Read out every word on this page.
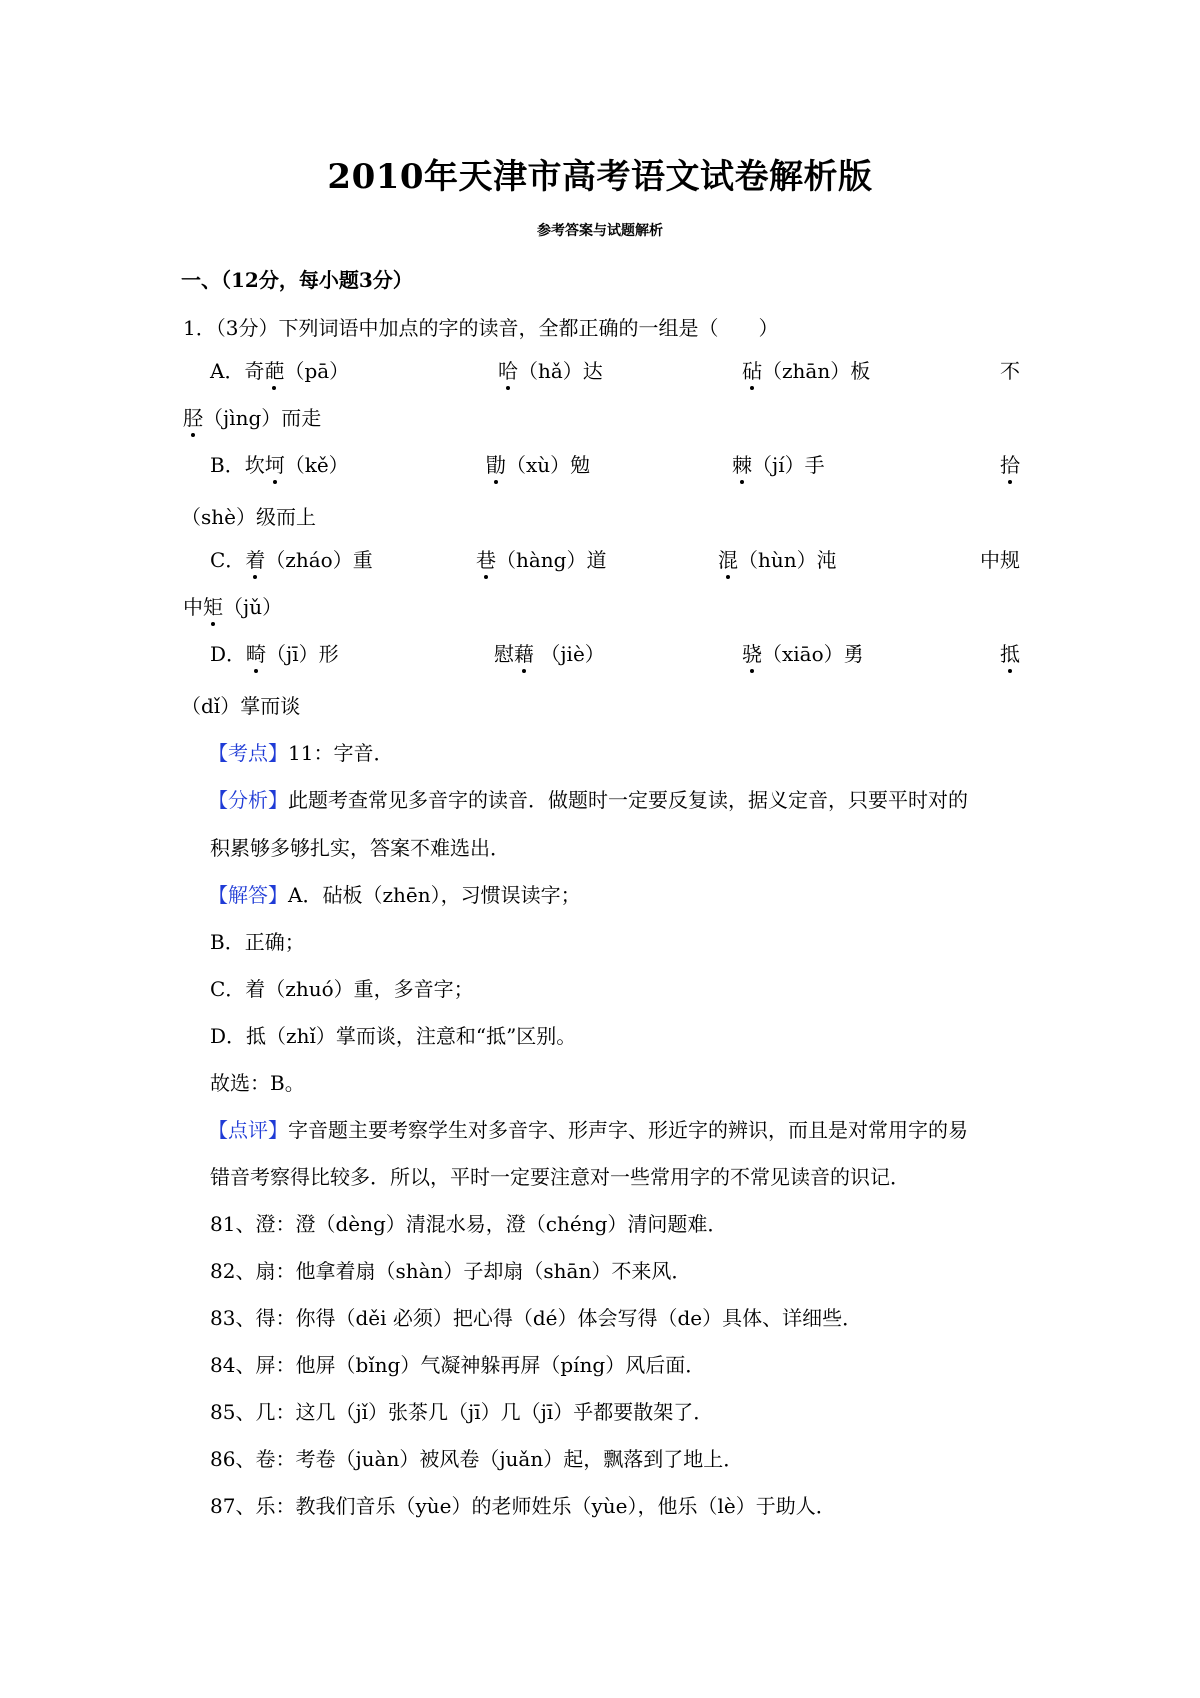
2010年天津市高考语文试卷解析版
参考答案与试题解析
一、（12分，每小题3分）
1．（3分）下列词语中加点的字的读音，全都正确的一组是（　　）
A．奇葩（pā）	哈（hǎ）达	砧（zhān）板	不
胫（jìng）而走
B．坎坷（kě）	勖（xù）勉	棘（jí）手	拾
（shè）级而上
C．着（zháo）重	巷（hàng）道	混（hùn）沌	中规
中矩（jǔ）
D．畸（jī）形	慰藉 （jiè）	骁（xiāo）勇	抵
（dǐ）掌而谈
【考点】11：字音．
【分析】此题考查常见多音字的读音．做题时一定要反复读，据义定音，只要平时对的
积累够多够扎实，答案不难选出．
【解答】A．砧板（zhēn），习惯误读字；
B．正确；
C．着（zhuó）重，多音字；
D．抵（zhǐ）掌而谈，注意和“抵”区别。
故选：B。
【点评】字音题主要考察学生对多音字、形声字、形近字的辨识，而且是对常用字的易
错音考察得比较多．所以，平时一定要注意对一些常用字的不常见读音的识记．
81、澄：澄（dèng）清混水易，澄（chéng）清问题难．
82、扇：他拿着扇（shàn）子却扇（shān）不来风．
83、得：你得（děi 必须）把心得（dé）体会写得（de）具体、详细些．
84、屏：他屏（bǐng）气凝神躲再屏（píng）风后面．
85、几：这几（jǐ）张茶几（jī）几（jī）乎都要散架了．
86、卷：考卷（juàn）被风卷（juǎn）起，飘落到了地上．
87、乐：教我们音乐（yùe）的老师姓乐（yùe），他乐（lè）于助人．
